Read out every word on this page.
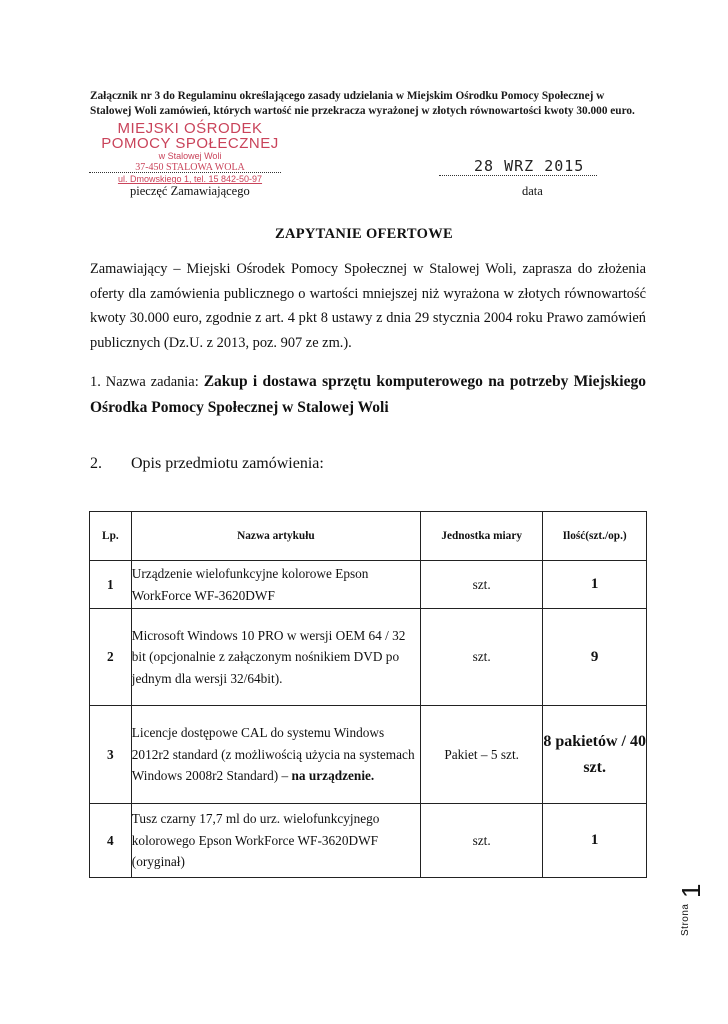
Załącznik nr 3 do Regulaminu określającego zasady udzielania w Miejskim Ośrodku Pomocy Społecznej w Stalowej Woli zamówień, których wartość nie przekracza wyrażonej w złotych równowartości kwoty 30.000 euro.
MIEJSKI OŚRODEK
POMOCY SPOŁECZNEJ
w Stalowej Woli
37-450 STALOWA WOLA
ul. Dmowskiego 1, tel. 15 842-50-97
pieczęć Zamawiającego
28 WRZ 2015
data
ZAPYTANIE OFERTOWE
Zamawiający – Miejski Ośrodek Pomocy Społecznej w Stalowej Woli, zaprasza do złożenia oferty dla zamówienia publicznego o wartości mniejszej niż wyrażona w złotych równowartość kwoty 30.000 euro, zgodnie z art. 4 pkt 8 ustawy z dnia 29 stycznia 2004 roku Prawo zamówień publicznych (Dz.U. z 2013, poz. 907 ze zm.).
1. Nazwa zadania: Zakup i dostawa sprzętu komputerowego na potrzeby Miejskiego Ośrodka Pomocy Społecznej w Stalowej Woli
2. Opis przedmiotu zamówienia:
Lp.	Nazwa artykułu	Jednostka miary	Ilość(szt./op.)
1	Urządzenie wielofunkcyjne kolorowe Epson WorkForce WF-3620DWF	szt.	1
2	Microsoft Windows 10 PRO w wersji OEM 64 / 32 bit (opcjonalnie z załączonym nośnikiem DVD po jednym dla wersji 32/64bit).	szt.	9
3	Licencje dostępowe CAL do systemu Windows 2012r2 standard (z możliwością użycia na systemach Windows 2008r2 Standard) – na urządzenie.	Pakiet – 5 szt.	8 pakietów / 40 szt.
4	Tusz czarny 17,7 ml do urz. wielofunkcyjnego kolorowego Epson WorkForce WF-3620DWF (oryginał)	szt.	1
1
Strona
